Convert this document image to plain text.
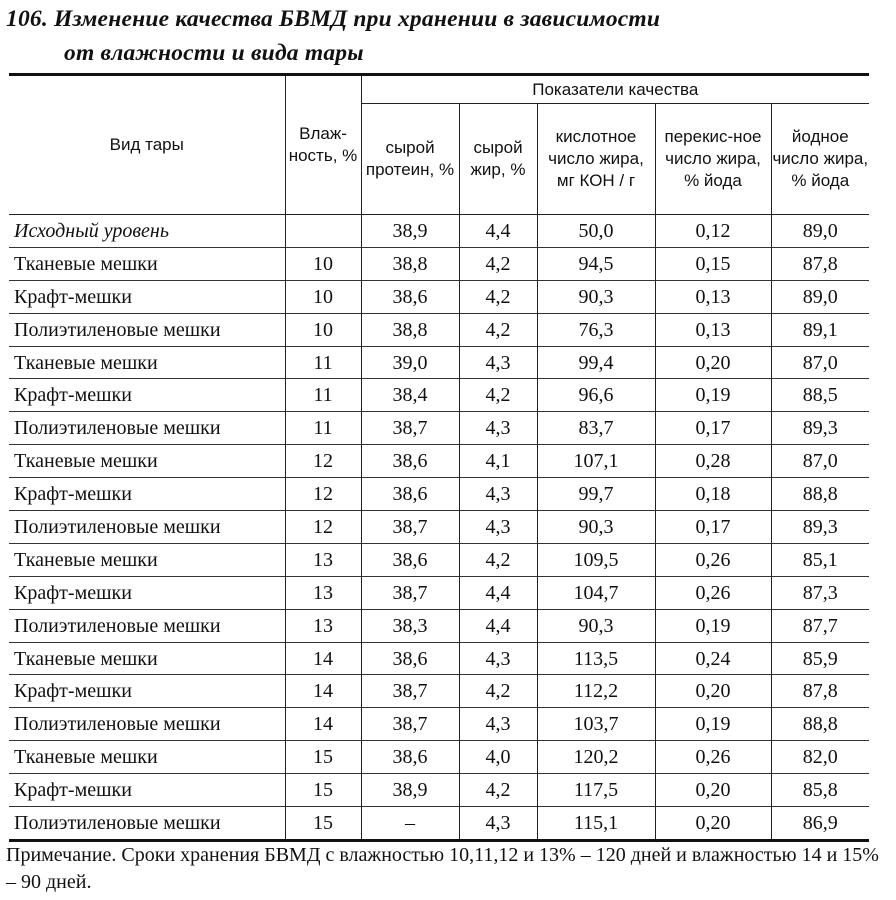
106. Изменение качества БВМД при хранении в зависимости
от влажности и вида тары
Вид тары	Влаж-ность, %	Показатели качества				
		сырой протеин, %	сырой жир, %	кислотное число жира, мг КОН / г	перекис-ное число жира, % йода	йодное число жира, % йода
Исходный уровень		38,9	4,4	50,0	0,12	89,0
Тканевые мешки	10	38,8	4,2	94,5	0,15	87,8
Крафт-мешки	10	38,6	4,2	90,3	0,13	89,0
Полиэтиленовые мешки	10	38,8	4,2	76,3	0,13	89,1
Тканевые мешки	11	39,0	4,3	99,4	0,20	87,0
Крафт-мешки	11	38,4	4,2	96,6	0,19	88,5
Полиэтиленовые мешки	11	38,7	4,3	83,7	0,17	89,3
Тканевые мешки	12	38,6	4,1	107,1	0,28	87,0
Крафт-мешки	12	38,6	4,3	99,7	0,18	88,8
Полиэтиленовые мешки	12	38,7	4,3	90,3	0,17	89,3
Тканевые мешки	13	38,6	4,2	109,5	0,26	85,1
Крафт-мешки	13	38,7	4,4	104,7	0,26	87,3
Полиэтиленовые мешки	13	38,3	4,4	90,3	0,19	87,7
Тканевые мешки	14	38,6	4,3	113,5	0,24	85,9
Крафт-мешки	14	38,7	4,2	112,2	0,20	87,8
Полиэтиленовые мешки	14	38,7	4,3	103,7	0,19	88,8
Тканевые мешки	15	38,6	4,0	120,2	0,26	82,0
Крафт-мешки	15	38,9	4,2	117,5	0,20	85,8
Полиэтиленовые мешки	15	–	4,3	115,1	0,20	86,9
Примечание. Сроки хранения БВМД с влажностью 10,11,12 и 13% – 120 дней и влажностью 14 и 15% – 90 дней.
